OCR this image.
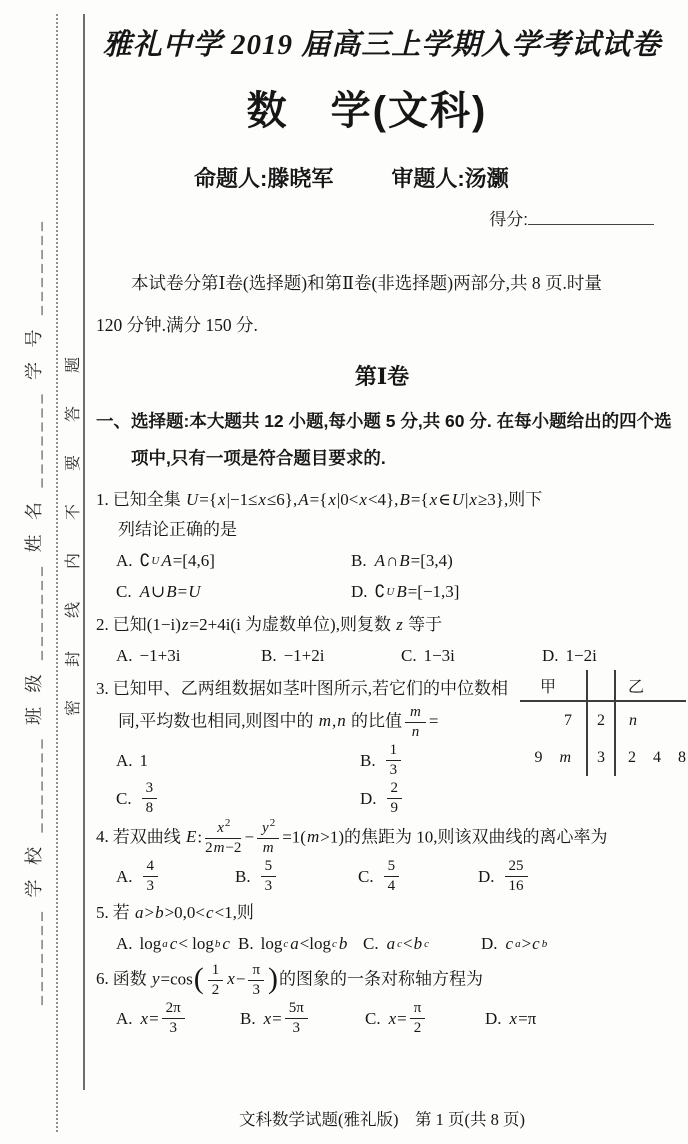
_______ 学 校 _______ 班 级 _______ 姓 名 _______ 学 号 _______	密封线内不要答题
雅礼中学 2019 届高三上学期入学考试试卷
数　学(文科)
命题人:滕晓军	审题人:汤灏
得分:
本试卷分第Ⅰ卷(选择题)和第Ⅱ卷(非选择题)两部分,共 8 页.时量
120 分钟.满分 150 分.
第Ⅰ卷
一、选择题:本大题共 12 小题,每小题 5 分,共 60 分. 在每小题给出的四个选
项中,只有一项是符合题目要求的.
1. 已知全集 U={x|−1≤x≤6},A={x|0<x<4},B={x∈U|x≥3},则下
列结论正确的是
A. ∁ U A =[4,6]	B. A ∩ B =[3,4)
C. A ∪ B = U	D. ∁ U B =[−1,3]
2. 已知(1−i)z=2+4i(i 为虚数单位),则复数 z 等于
A. −1+3i	B. −1+2i	C. 1−3i	D. 1−2i
3. 已知甲、乙两组数据如茎叶图所示,若它们的中位数相
同,平均数也相同,则图中的 m,n 的比值 $\frac{m}{n}$ =
A. 1	B. $\frac{1}{3}$
C. $\frac{3}{8}$	D. $\frac{2}{9}$
4. 若双曲线 E: $\frac{x^2}{2m-2} - \frac{y^2}{m} =1(m>1)$的焦距为 10,则该双曲线的离心率为
A. $\frac{4}{3}$	B. $\frac{5}{3}$	C. $\frac{5}{4}$	D. $\frac{25}{16}$
5. 若 a>b>0,0<c<1,则
A. log a c < log b c B. log c a <log c b C. a c < b c	D. c a > c b
6. 函数 $y=\cos( \frac{1}{2} x- \frac{\pi}{3}$ )的图象的一条对称轴方程为
A. $x = \frac{2\pi}{3}$	B. $x = \frac{5\pi}{3}$	C. $x = \frac{\pi}{2}$	D. x =π
甲	乙
7	2	n
9 m	3	2 4 8
文科数学试题(雅礼版)　第 1 页(共 8 页)
